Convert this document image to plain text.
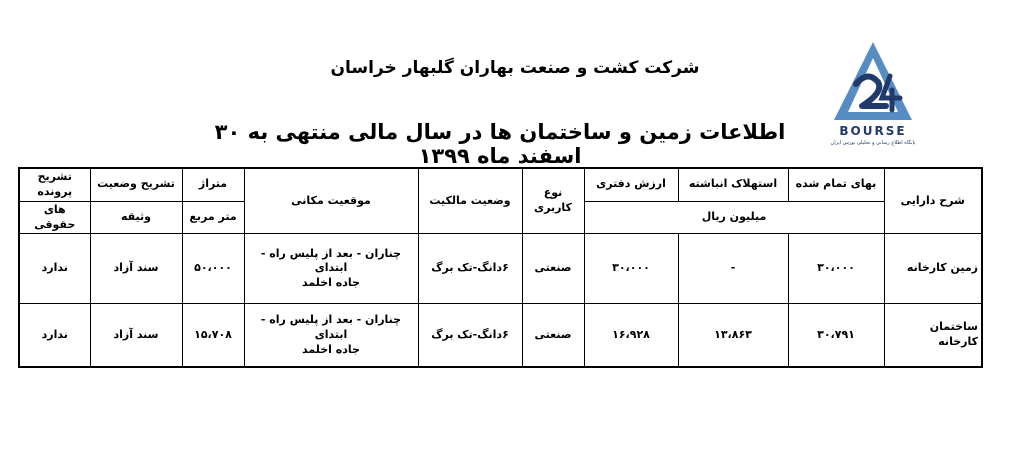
شرکت کشت و صنعت بهاران گلبهار خراسان
اطلاعات زمین و ساختمان ها در سال مالی منتهی به ۳۰ اسفند ماه ۱۳۹۹
BOURSE
پایگاه اطلاع رسانی و تحلیلی بورس ایران
شرح دارایی	بهای تمام شده	استهلاک انباشته	ارزش دفتری	نوع کاربری	وضعیت مالکیت	موقعیت مکانی	متراژ	تشریح وضعیت	تشریح پرونده
	میلیون ریال						متر مربع	وثیقه	های حقوقی
زمین کارخانه	۳۰،۰۰۰	-	۳۰،۰۰۰	صنعتی	۶دانگ-تک برگ	چناران - بعد از پلیس راه - ابتدای
جاده اخلمد	۵۰،۰۰۰	سند آزاد	ندارد
ساختمان کارخانه	۳۰،۷۹۱	۱۳،۸۶۳	۱۶،۹۲۸	صنعتی	۶دانگ-تک برگ	چناران - بعد از پلیس راه - ابتدای
جاده اخلمد	۱۵،۷۰۸	سند آزاد	ندارد
